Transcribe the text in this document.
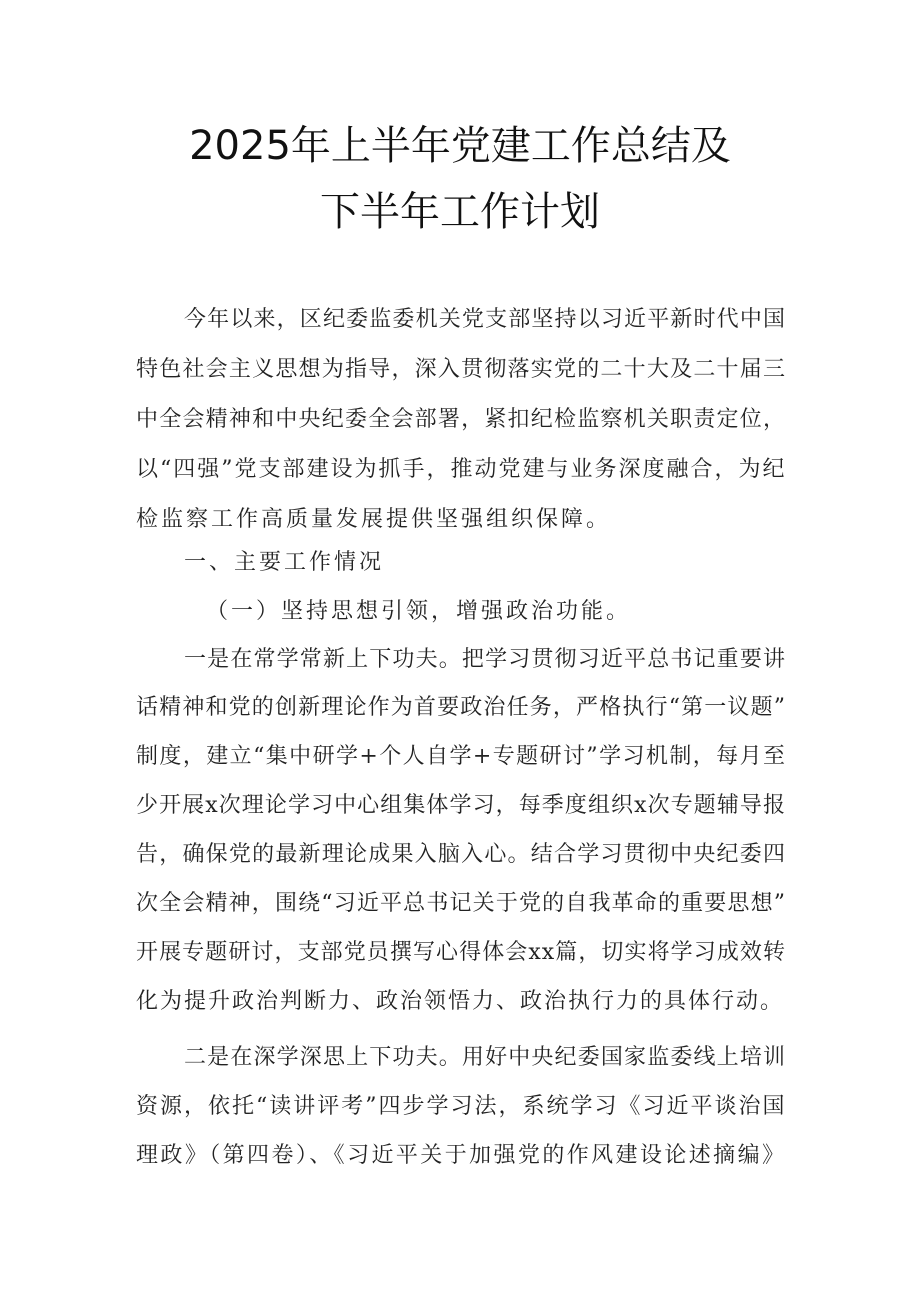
2025年上半年党建工作总结及
下半年工作计划
今年以来，区纪委监委机关党支部坚持以习近平新时代中国
特色社会主义思想为指导，深入贯彻落实党的二十大及二十届三
中全会精神和中央纪委全会部署，紧扣纪检监察机关职责定位，
以“四强”党支部建设为抓手，推动党建与业务深度融合，为纪
检监察工作高质量发展提供坚强组织保障。
一、主要工作情况
（一）坚持思想引领，增强政治功能。
一是在常学常新上下功夫。把学习贯彻习近平总书记重要讲
话精神和党的创新理论作为首要政治任务，严格执行“第一议题”
制度，建立“集中研学+个人自学+专题研讨”学习机制，每月至
少开展x次理论学习中心组集体学习，每季度组织x次专题辅导报
告，确保党的最新理论成果入脑入心。结合学习贯彻中央纪委四
次全会精神，围绕“习近平总书记关于党的自我革命的重要思想”
开展专题研讨，支部党员撰写心得体会xx篇，切实将学习成效转
化为提升政治判断力、政治领悟力、政治执行力的具体行动。
二是在深学深思上下功夫。用好中央纪委国家监委线上培训
资源，依托“读讲评考”四步学习法，系统学习《习近平谈治国
理政》（第四卷）、《习近平关于加强党的作风建设论述摘编》
